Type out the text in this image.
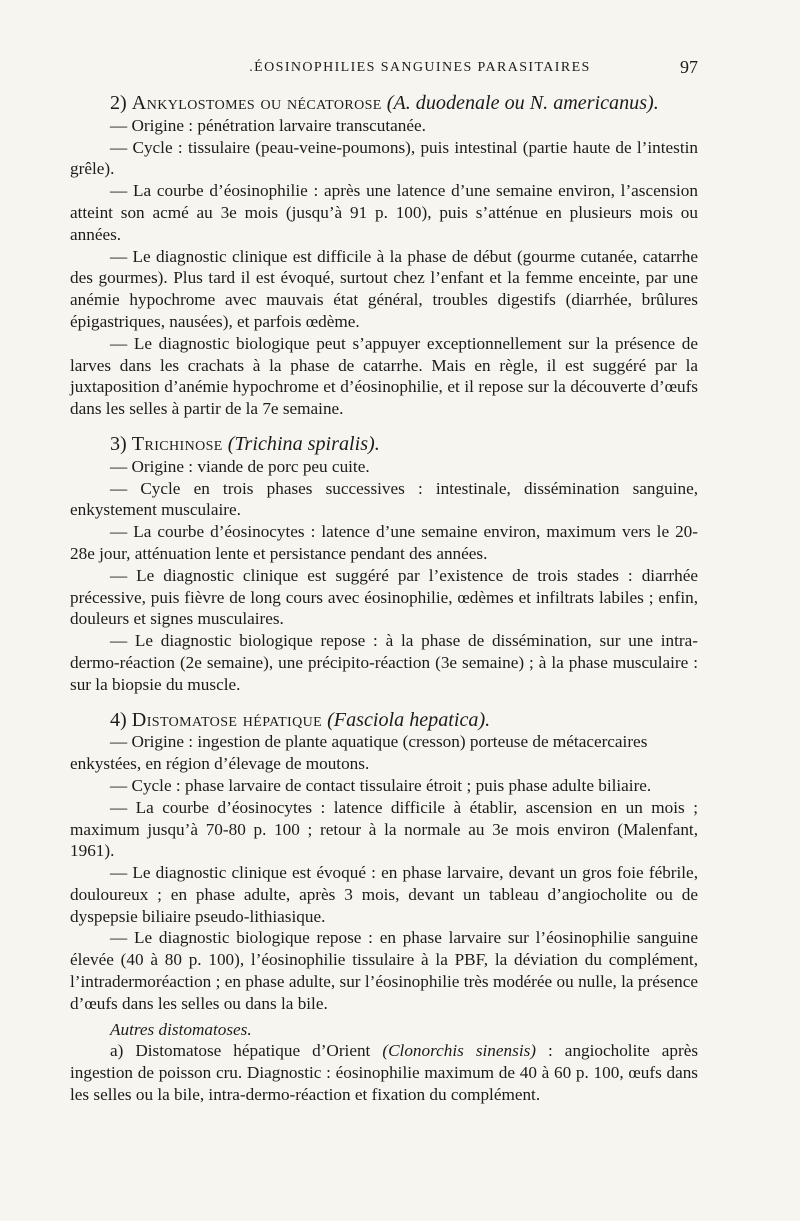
.ÉOSINOPHILIES SANGUINES PARASITAIRES	97
2) Ankylostomes ou nécatorose (A. duodenale ou N. americanus).

— Origine : pénétration larvaire transcutanée.

— Cycle : tissulaire (peau-veine-poumons), puis intestinal (partie haute de l’intestin grêle).

— La courbe d’éosinophilie : après une latence d’une semaine environ, l’ascension atteint son acmé au 3e mois (jusqu’à 91 p. 100), puis s’atténue en plusieurs mois ou années.

— Le diagnostic clinique est difficile à la phase de début (gourme cutanée, catarrhe des gourmes). Plus tard il est évoqué, surtout chez l’enfant et la femme enceinte, par une anémie hypochrome avec mauvais état général, troubles digestifs (diarrhée, brûlures épigastriques, nausées), et parfois œdème.

— Le diagnostic biologique peut s’appuyer exceptionnellement sur la présence de larves dans les crachats à la phase de catarrhe. Mais en règle, il est suggéré par la juxtaposition d’anémie hypochrome et d’éosinophilie, et il repose sur la découverte d’œufs dans les selles à partir de la 7e semaine.

3) Trichinose (Trichina spiralis).

— Origine : viande de porc peu cuite.

— Cycle en trois phases successives : intestinale, dissémination sanguine, enkystement musculaire.

— La courbe d’éosinocytes : latence d’une semaine environ, maximum vers le 20-28e jour, atténuation lente et persistance pendant des années.

— Le diagnostic clinique est suggéré par l’existence de trois stades : diarrhée précessive, puis fièvre de long cours avec éosinophilie, œdèmes et infiltrats labiles ; enfin, douleurs et signes musculaires.

— Le diagnostic biologique repose : à la phase de dissémination, sur une intra-dermo-réaction (2e semaine), une précipito-réaction (3e semaine) ; à la phase musculaire : sur la biopsie du muscle.

4) Distomatose hépatique (Fasciola hepatica).

— Origine : ingestion de plante aquatique (cresson) porteuse de métacercaires enkystées, en région d’élevage de moutons.

— Cycle : phase larvaire de contact tissulaire étroit ; puis phase adulte biliaire.

— La courbe d’éosinocytes : latence difficile à établir, ascension en un mois ; maximum jusqu’à 70-80 p. 100 ; retour à la normale au 3e mois environ (Malenfant, 1961).

— Le diagnostic clinique est évoqué : en phase larvaire, devant un gros foie fébrile, douloureux ; en phase adulte, après 3 mois, devant un tableau d’angiocholite ou de dyspepsie biliaire pseudo-lithiasique.

— Le diagnostic biologique repose : en phase larvaire sur l’éosinophilie sanguine élevée (40 à 80 p. 100), l’éosinophilie tissulaire à la PBF, la déviation du complément, l’intradermoréaction ; en phase adulte, sur l’éosinophilie très modérée ou nulle, la présence d’œufs dans les selles ou dans la bile.

Autres distomatoses.

a) Distomatose hépatique d’Orient (Clonorchis sinensis) : angiocholite après ingestion de poisson cru. Diagnostic : éosinophilie maximum de 40 à 60 p. 100, œufs dans les selles ou la bile, intra-dermo-réaction et fixation du complément.
